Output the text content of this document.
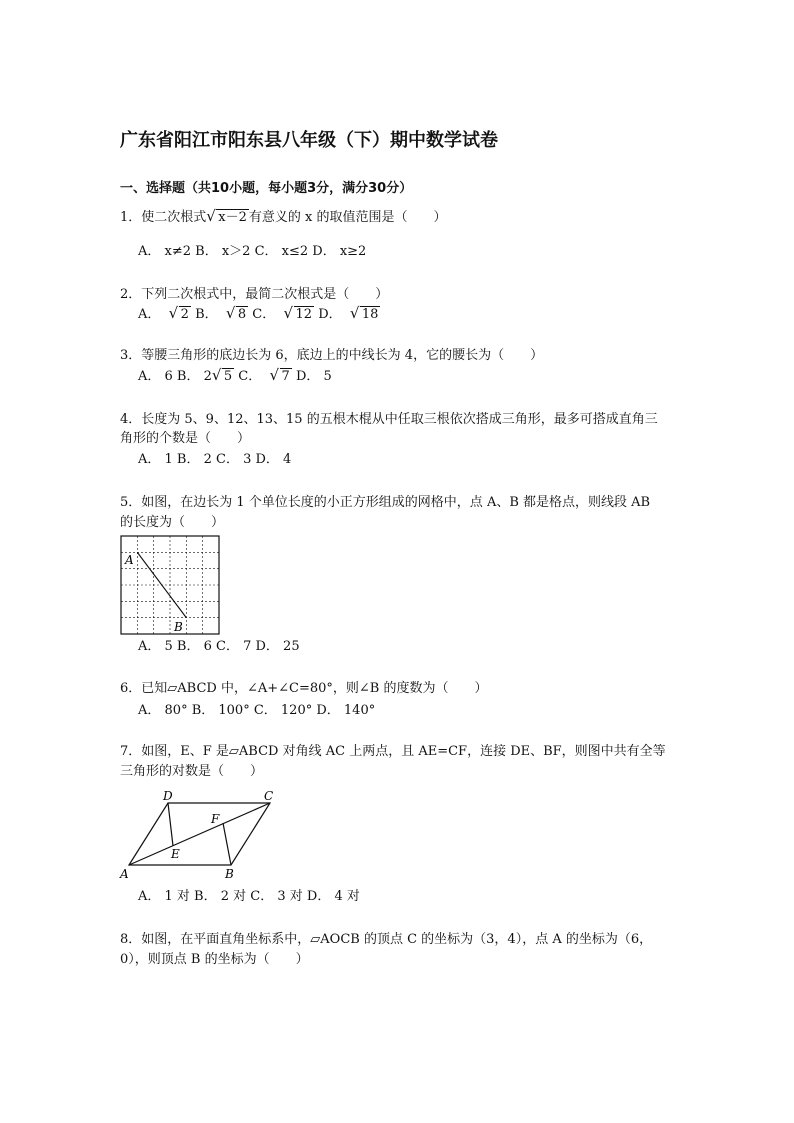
广东省阳江市阳东县八年级（下）期中数学试卷
一、选择题（共10小题，每小题3分，满分30分）
1．使二次根式 √ x－2 有意义的 x 的取值范围是（　　）
A． x≠2 B． x＞2 C． x≤2 D． x≥2
2．下列二次根式中，最简二次根式是（　　）
A． √ 2 B． √ 8 C． √ 12 D． √ 18
3．等腰三角形的底边长为 6，底边上的中线长为 4，它的腰长为（　　）
A． 6 B． 2 √ 5 C． √ 7 D． 5
4．长度为 5、9、12、13、15 的五根木棍从中任取三根依次搭成三角形，最多可搭成直角三
角形的个数是（　　）
A． 1 B． 2 C． 3 D． 4
5．如图，在边长为 1 个单位长度的小正方形组成的网格中，点 A、B 都是格点，则线段 AB
的长度为（　　）
A
B
A． 5 B． 6 C． 7 D． 25
6．已知▱ABCD 中，∠A+∠C=80°，则∠B 的度数为（　　）
A． 80° B． 100° C． 120° D． 140°
7．如图，E、F 是▱ABCD 对角线 AC 上两点，且 AE=CF，连接 DE、BF，则图中共有全等
三角形的对数是（　　）
A	B
C
D
E
F
A． 1 对 B． 2 对 C． 3 对 D． 4 对
8．如图，在平面直角坐标系中，▱AOCB 的顶点 C 的坐标为（3，4），点 A 的坐标为（6，
0），则顶点 B 的坐标为（　　）
